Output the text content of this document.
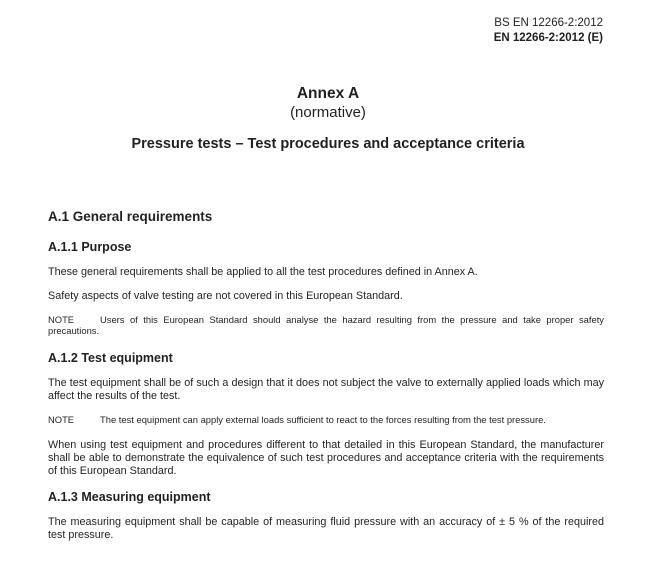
BS EN 12266-2:2012
EN 12266-2:2012 (E)
Annex A
(normative)
Pressure tests – Test procedures and acceptance criteria
A.1 General requirements
A.1.1 Purpose

These general requirements shall be applied to all the test procedures defined in Annex A.

Safety aspects of valve testing are not covered in this European Standard.

NOTE	Users of this European Standard should analyse the hazard resulting from the pressure and take proper safety precautions.
A.1.2 Test equipment

The test equipment shall be of such a design that it does not subject the valve to externally applied loads which may affect the results of the test.

NOTE	The test equipment can apply external loads sufficient to react to the forces resulting from the test pressure.

When using test equipment and procedures different to that detailed in this European Standard, the manufacturer shall be able to demonstrate the equivalence of such test procedures and acceptance criteria with the requirements of this European Standard.

A.1.3 Measuring equipment

The measuring equipment shall be capable of measuring fluid pressure with an accuracy of ± 5 % of the required test pressure.
